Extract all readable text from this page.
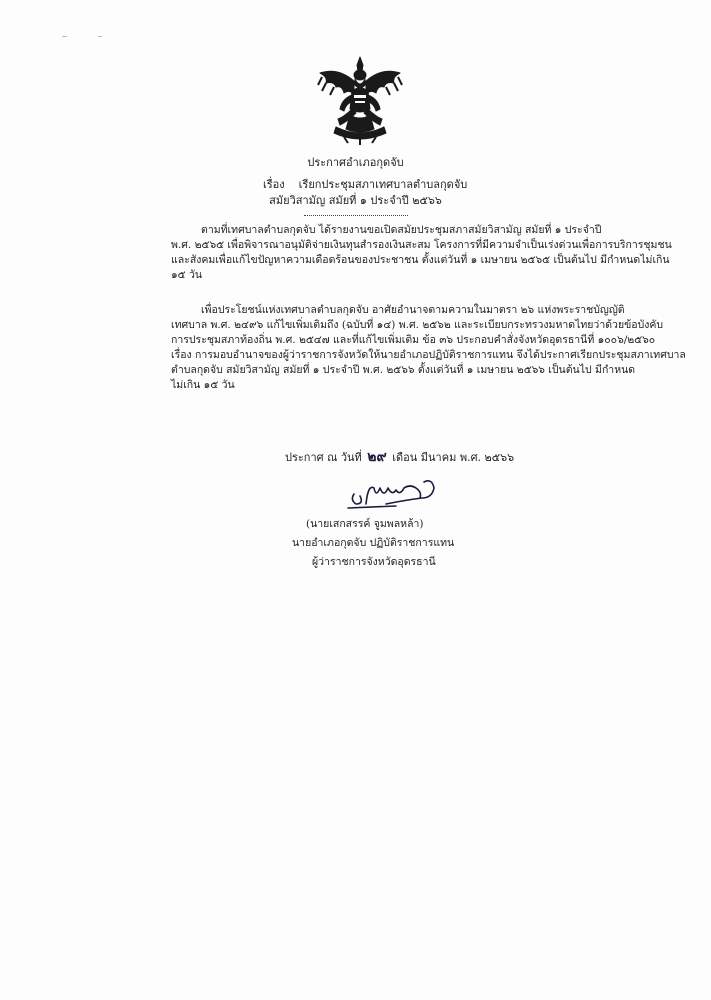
ประกาศอำเภอกุดจับ
เรื่อง เรียกประชุมสภาเทศบาลตำบลกุดจับ
สมัยวิสามัญ สมัยที่ ๑ ประจำปี ๒๕๖๖
ตามที่เทศบาลตำบลกุดจับ ได้รายงานขอเปิดสมัยประชุมสภาสมัยวิสามัญ สมัยที่ ๑ ประจำปี
พ.ศ. ๒๕๖๕ เพื่อพิจารณาอนุมัติจ่ายเงินทุนสำรองเงินสะสม โครงการที่มีความจำเป็นเร่งด่วนเพื่อการบริการชุมชน
และสังคมเพื่อแก้ไขปัญหาความเดือดร้อนของประชาชน ตั้งแต่วันที่ ๑ เมษายน ๒๕๖๕ เป็นต้นไป มีกำหนดไม่เกิน
๑๕ วัน
เพื่อประโยชน์แห่งเทศบาลตำบลกุดจับ อาศัยอำนาจตามความในมาตรา ๒๖ แห่งพระราชบัญญัติ
เทศบาล พ.ศ. ๒๔๙๖ แก้ไขเพิ่มเติมถึง (ฉบับที่ ๑๔) พ.ศ. ๒๕๖๒ และระเบียบกระทรวงมหาดไทยว่าด้วยข้อบังคับ
การประชุมสภาท้องถิ่น พ.ศ. ๒๕๔๗ และที่แก้ไขเพิ่มเติม ข้อ ๓๖ ประกอบคำสั่งจังหวัดอุดรธานีที่ ๑๐๐๖/๒๕๖๐
เรื่อง การมอบอำนาจของผู้ว่าราชการจังหวัดให้นายอำเภอปฏิบัติราชการแทน จึงได้ประกาศเรียกประชุมสภาเทศบาล
ตำบลกุดจับ สมัยวิสามัญ สมัยที่ ๑ ประจำปี พ.ศ. ๒๕๖๖ ตั้งแต่วันที่ ๑ เมษายน ๒๕๖๖ เป็นต้นไป มีกำหนด
ไม่เกิน ๑๕ วัน
ประกาศ ณ วันที่ ๒๙ เดือน มีนาคม พ.ศ. ๒๕๖๖
(นายเสกสรรค์ จูมพลหล้า)
นายอำเภอกุดจับ ปฏิบัติราชการแทน
ผู้ว่าราชการจังหวัดอุดรธานี
